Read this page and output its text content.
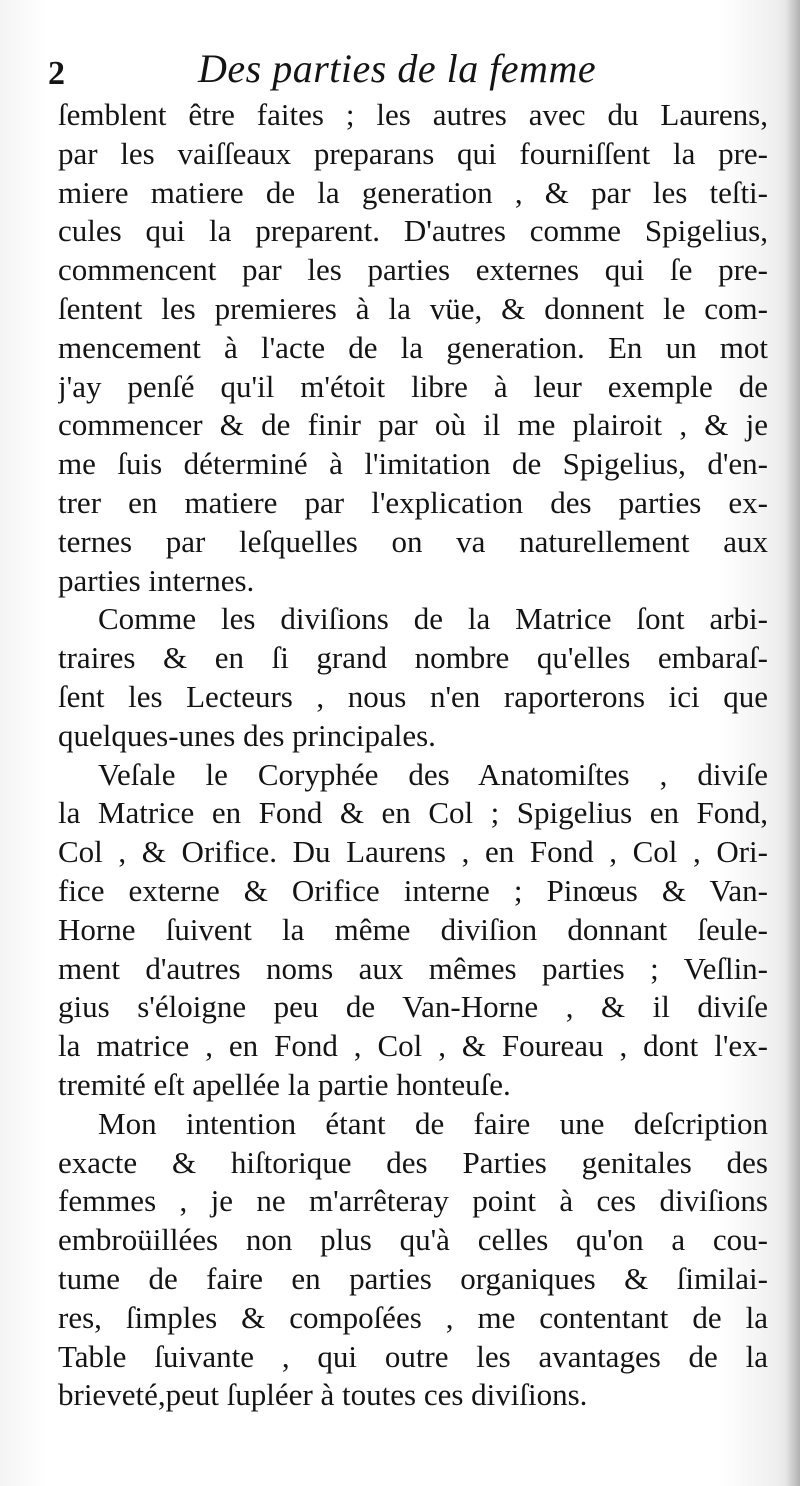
2	Des parties de la femme
ſemblent être faites ; les autres avec du Laurens,
par les vaiſſeaux preparans qui fourniſſent la pre-
miere matiere de la generation , & par les teſti-
cules qui la preparent. D'autres comme Spigelius,
commencent par les parties externes qui ſe pre-
ſentent les premieres à la vüe, & donnent le com-
mencement à l'acte de la generation. En un mot
j'ay penſé qu'il m'étoit libre à leur exemple de
commencer & de finir par où il me plairoit , & je
me ſuis déterminé à l'imitation de Spigelius, d'en-
trer en matiere par l'explication des parties ex-
ternes par leſquelles on va naturellement aux
parties internes.
Comme les diviſions de la Matrice ſont arbi-
traires & en ſi grand nombre qu'elles embaraſ-
ſent les Lecteurs , nous n'en raporterons ici que
quelques-unes des principales.
Veſale le Coryphée des Anatomiſtes , diviſe
la Matrice en Fond & en Col ; Spigelius en Fond,
Col , & Orifice. Du Laurens , en Fond , Col , Ori-
fice externe & Orifice interne ; Pinœus & Van-
Horne ſuivent la même diviſion donnant ſeule-
ment d'autres noms aux mêmes parties ; Veſlin-
gius s'éloigne peu de Van-Horne , & il diviſe
la matrice , en Fond , Col , & Foureau , dont l'ex-
tremité eſt apellée la partie honteuſe.
Mon intention étant de faire une deſcription
exacte & hiſtorique des Parties genitales des
femmes , je ne m'arrêteray point à ces diviſions
embroüillées non plus qu'à celles qu'on a cou-
tume de faire en parties organiques & ſimilai-
res, ſimples & compoſées , me contentant de la
Table ſuivante , qui outre les avantages de la
brieveté,peut ſupléer à toutes ces diviſions.
